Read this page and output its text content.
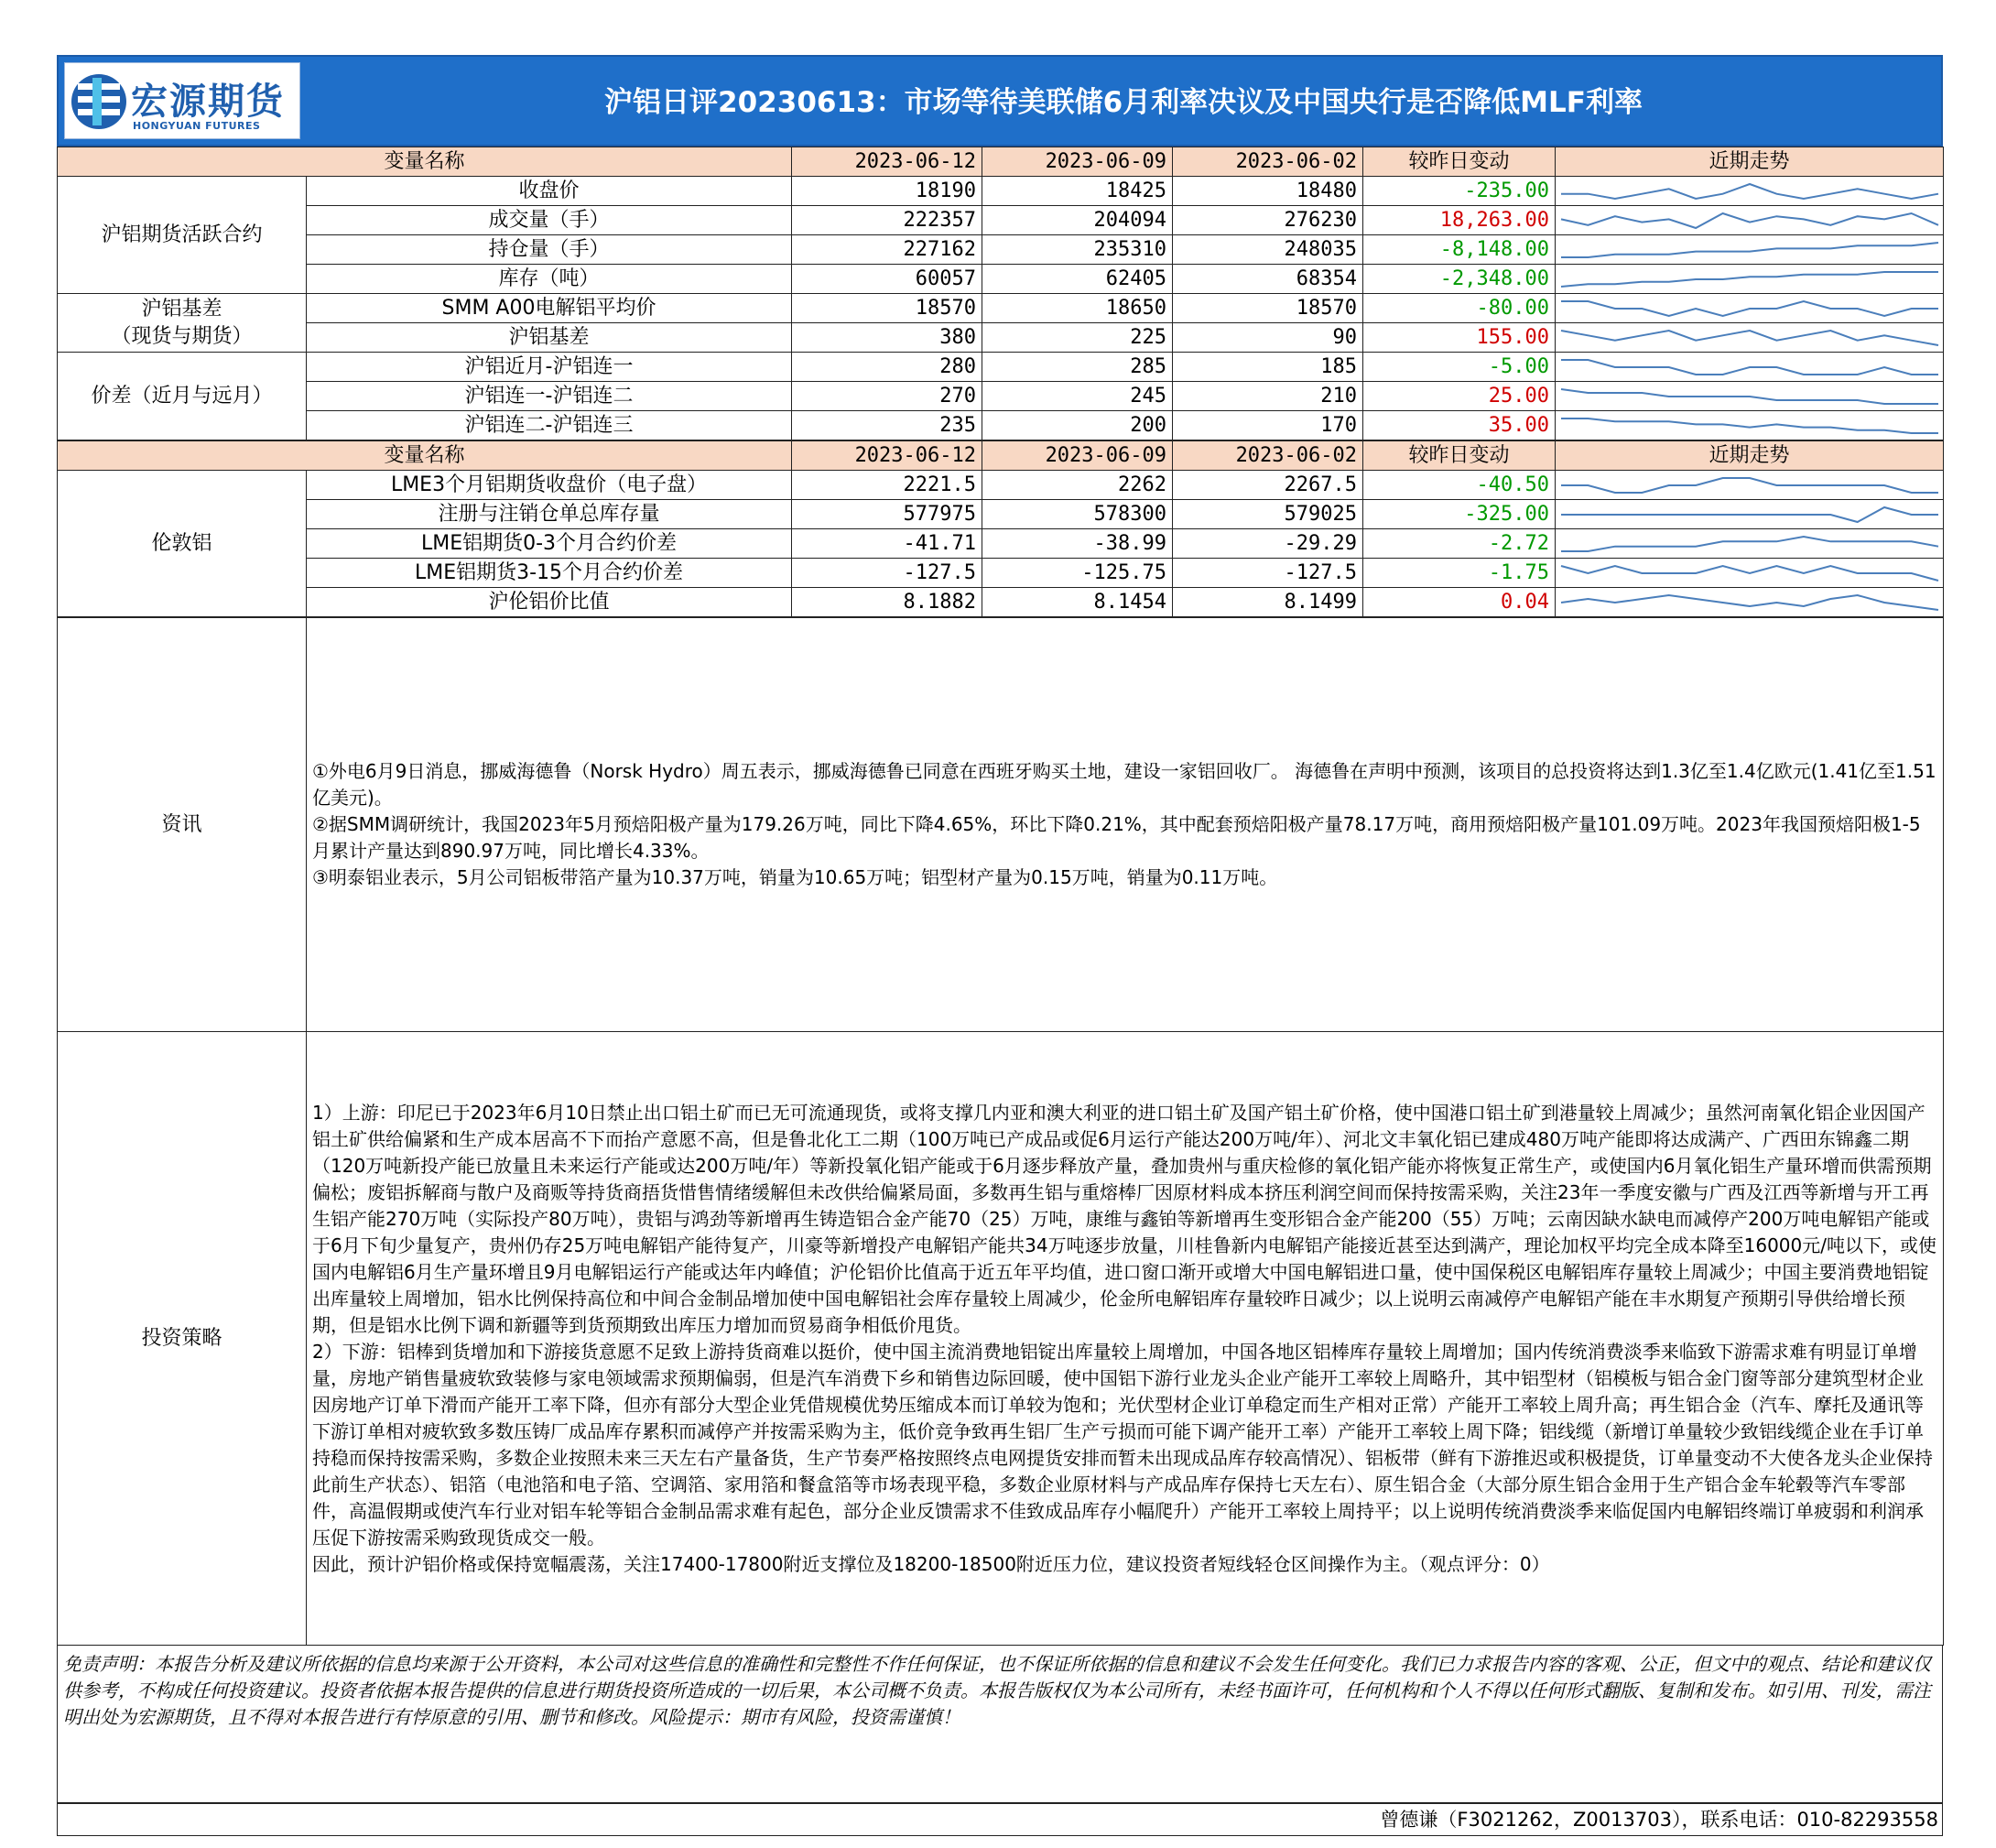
宏源期货
HONGYUAN FUTURES
沪铝日评20230613：市场等待美联储6月利率决议及中国央行是否降低MLF利率
变量名称		2023-06-12	2023-06-09	2023-06-02	较昨日变动	近期走势
沪铝期货活跃合约	收盘价	18190	18425	18480	-235.00	

	成交量（手）	222357	204094	276230	18,263.00	

	持仓量（手）	227162	235310	248035	-8,148.00	

	库存（吨）	60057	62405	68354	-2,348.00	

沪铝基差
（现货与期货）	SMM A00电解铝平均价	18570	18650	18570	-80.00	

	沪铝基差	380	225	90	155.00	

价差（近月与远月）	沪铝近月-沪铝连一	280	285	185	-5.00	

	沪铝连一-沪铝连二	270	245	210	25.00	

	沪铝连二-沪铝连三	235	200	170	35.00	
变量名称		2023-06-12	2023-06-09	2023-06-02	较昨日变动	近期走势
伦敦铝	LME3个月铝期货收盘价（电子盘）	2221.5	2262	2267.5	-40.50	

	注册与注销仓单总库存量	577975	578300	579025	-325.00	

	LME铝期货0-3个月合约价差	-41.71	-38.99	-29.29	-2.72	

	LME铝期货3-15个月合约价差	-127.5	-125.75	-127.5	-1.75	

	沪伦铝价比值	8.1882	8.1454	8.1499	0.04	
资讯	①外电6月9日消息，挪威海德鲁（Norsk Hydro）周五表示，挪威海德鲁已同意在西班牙购买土地，建设一家铝回收厂。 海德鲁在声明中预测，该项目的总投资将达到1.3亿至1.4亿欧元(1.41亿至1.51亿美元)。

②据SMM调研统计，我国2023年5月预焙阳极产量为179.26万吨，同比下降4.65%，环比下降0.21%，其中配套预焙阳极产量78.17万吨，商用预焙阳极产量101.09万吨。2023年我国预焙阳极1-5月累计产量达到890.97万吨，同比增长4.33%。

③明泰铝业表示，5月公司铝板带箔产量为10.37万吨，销量为10.65万吨；铝型材产量为0.15万吨，销量为0.11万吨。

投资策略	1）上游：印尼已于2023年6月10日禁止出口铝土矿而已无可流通现货，或将支撑几内亚和澳大利亚的进口铝土矿及国产铝土矿价格，使中国港口铝土矿到港量较上周减少；虽然河南氧化铝企业因国产铝土矿供给偏紧和生产成本居高不下而抬产意愿不高，但是鲁北化工二期（100万吨已产成品或促6月运行产能达200万吨/年）、河北文丰氧化铝已建成480万吨产能即将达成满产、广西田东锦鑫二期（120万吨新投产能已放量且未来运行产能或达200万吨/年）等新投氧化铝产能或于6月逐步释放产量，叠加贵州与重庆检修的氧化铝产能亦将恢复正常生产，或使国内6月氧化铝生产量环增而供需预期偏松；废铝拆解商与散户及商贩等持货商捂货惜售情绪缓解但未改供给偏紧局面，多数再生铝与重熔棒厂因原材料成本挤压利润空间而保持按需采购，关注23年一季度安徽与广西及江西等新增与开工再生铝产能270万吨（实际投产80万吨），贵铝与鸿劲等新增再生铸造铝合金产能70（25）万吨，康维与鑫铂等新增再生变形铝合金产能200（55）万吨；云南因缺水缺电而减停产200万吨电解铝产能或于6月下旬少量复产，贵州仍存25万吨电解铝产能待复产，川豪等新增投产电解铝产能共34万吨逐步放量，川桂鲁新内电解铝产能接近甚至达到满产，理论加权平均完全成本降至16000元/吨以下，或使国内电解铝6月生产量环增且9月电解铝运行产能或达年内峰值；沪伦铝价比值高于近五年平均值，进口窗口渐开或增大中国电解铝进口量，使中国保税区电解铝库存量较上周减少；中国主要消费地铝锭出库量较上周增加，铝水比例保持高位和中间合金制品增加使中国电解铝社会库存量较上周减少，伦金所电解铝库存量较昨日减少；以上说明云南减停产电解铝产能在丰水期复产预期引导供给增长预期，但是铝水比例下调和新疆等到货预期致出库压力增加而贸易商争相低价甩货。

2）下游：铝棒到货增加和下游接货意愿不足致上游持货商难以挺价，使中国主流消费地铝锭出库量较上周增加，中国各地区铝棒库存量较上周增加；国内传统消费淡季来临致下游需求难有明显订单增量，房地产销售量疲软致装修与家电领域需求预期偏弱，但是汽车消费下乡和销售边际回暖，使中国铝下游行业龙头企业产能开工率较上周略升，其中铝型材（铝模板与铝合金门窗等部分建筑型材企业因房地产订单下滑而产能开工率下降，但亦有部分大型企业凭借规模优势压缩成本而订单较为饱和；光伏型材企业订单稳定而生产相对正常）产能开工率较上周升高；再生铝合金（汽车、摩托及通讯等下游订单相对疲软致多数压铸厂成品库存累积而减停产并按需采购为主，低价竞争致再生铝厂生产亏损而可能下调产能开工率）产能开工率较上周下降；铝线缆（新增订单量较少致铝线缆企业在手订单持稳而保持按需采购，多数企业按照未来三天左右产量备货，生产节奏严格按照终点电网提货安排而暂未出现成品库存较高情况）、铝板带（鲜有下游推迟或积极提货，订单量变动不大使各龙头企业保持此前生产状态）、铝箔（电池箔和电子箔、空调箔、家用箔和餐盒箔等市场表现平稳，多数企业原材料与产成品库存保持七天左右）、原生铝合金（大部分原生铝合金用于生产铝合金车轮毂等汽车零部件，高温假期或使汽车行业对铝车轮等铝合金制品需求难有起色，部分企业反馈需求不佳致成品库存小幅爬升）产能开工率较上周持平；以上说明传统消费淡季来临促国内电解铝终端订单疲弱和利润承压促下游按需采购致现货成交一般。

因此，预计沪铝价格或保持宽幅震荡，关注17400-17800附近支撑位及18200-18500附近压力位，建议投资者短线轻仓区间操作为主。（观点评分：0）

免责声明：本报告分析及建议所依据的信息均来源于公开资料，本公司对这些信息的准确性和完整性不作任何保证，也不保证所依据的信息和建议不会发生任何变化。我们已力求报告内容的客观、公正，但文中的观点、结论和建议仅供参考，不构成任何投资建议。投资者依据本报告提供的信息进行期货投资所造成的一切后果，本公司概不负责。本报告版权仅为本公司所有，未经书面许可，任何机构和个人不得以任何形式翻版、复制和发布。如引用、刊发，需注明出处为宏源期货，且不得对本报告进行有悖原意的引用、删节和修改。风险提示：期市有风险，投资需谨慎！
曾德谦（F3021262，Z0013703），联系电话：010-82293558
